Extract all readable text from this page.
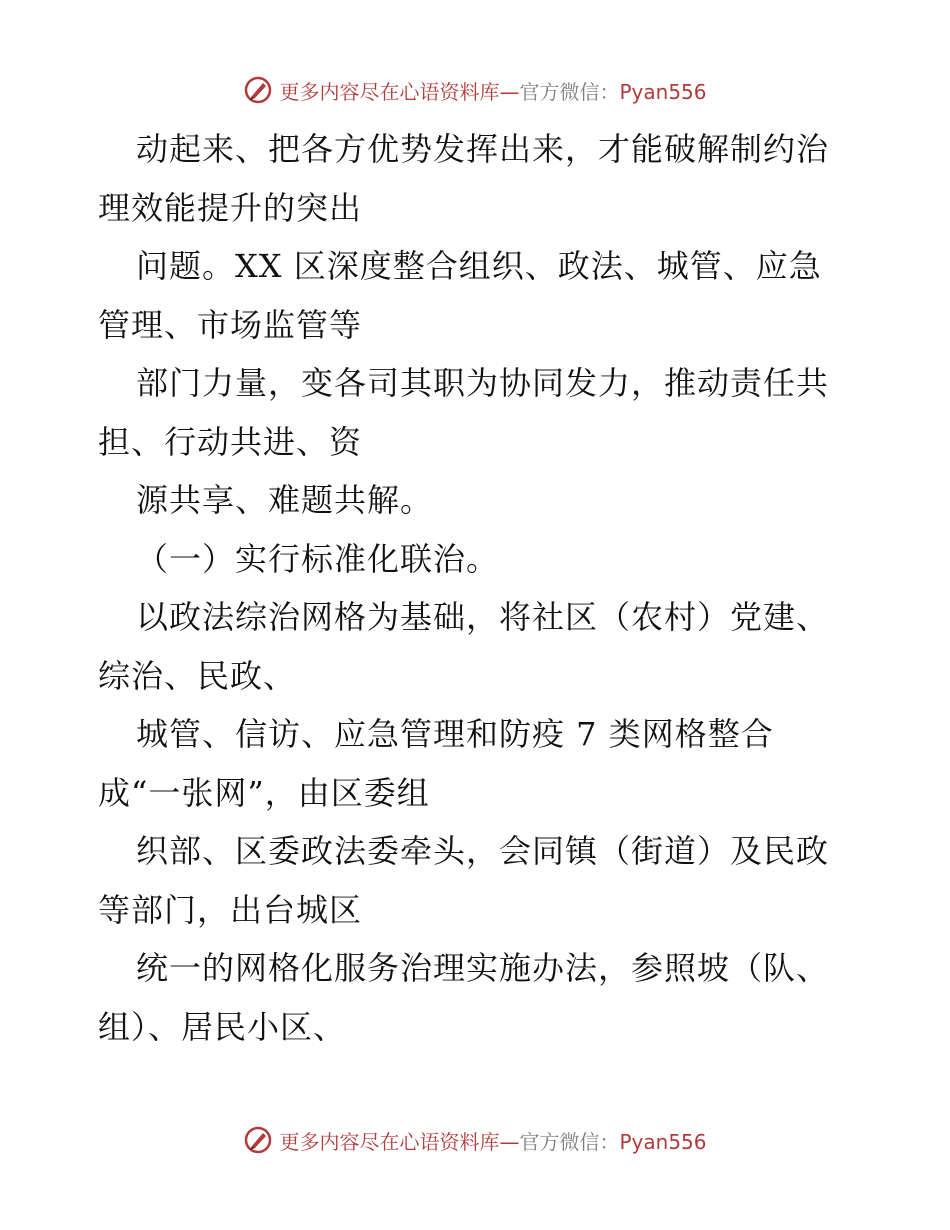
更多内容尽在心语资料库—官方微信：Pyan556
动起来、把各方优势发挥出来，才能破解制约治
理效能提升的突出
问题。XX 区深度整合组织、政法、城管、应急
管理、市场监管等
部门力量，变各司其职为协同发力，推动责任共
担、行动共进、资
源共享、难题共解。
（一）实行标准化联治。
以政法综治网格为基础，将社区（农村）党建、
综治、民政、
城管、信访、应急管理和防疫 7 类网格整合
成“一张网”，由区委组
织部、区委政法委牵头，会同镇（街道）及民政
等部门，出台城区
统一的网格化服务治理实施办法，参照坡（队、
组）、居民小区、
更多内容尽在心语资料库—官方微信：Pyan556
